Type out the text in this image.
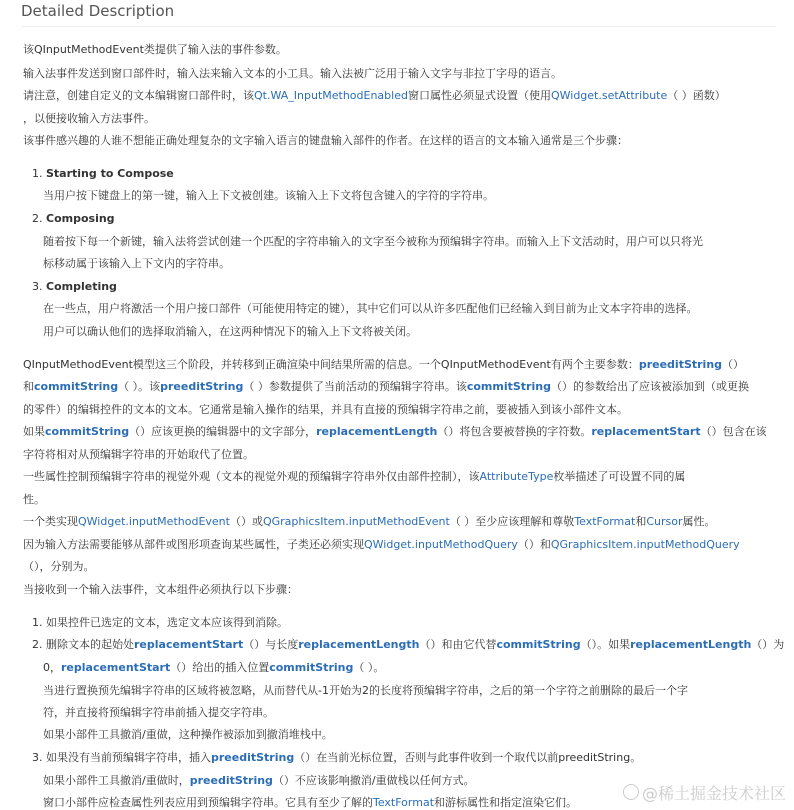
Detailed Description
该QInputMethodEvent类提供了输入法的事件参数。
输入法事件发送到窗口部件时，输入法来输入文本的小工具。输入法被广泛用于输入文字与非拉丁字母的语言。
请注意，创建自定义的文本编辑窗口部件时，该Qt.WA_InputMethodEnabled窗口属性必须显式设置（使用QWidget.setAttribute（ ）函数）
，以便接收输入方法事件。
该事件感兴趣的人谁不想能正确处理复杂的文字输入语言的键盘输入部件的作者。在这样的语言的文本输入通常是三个步骤：
1. Starting to Compose
当用户按下键盘上的第一键，输入上下文被创建。该输入上下文将包含键入的字符的字符串。
2. Composing
随着按下每一个新键，输入法将尝试创建一个匹配的字符串输入的文字至今被称为预编辑字符串。而输入上下文活动时，用户可以只将光
标移动属于该输入上下文内的字符串。
3. Completing
在一些点，用户将激活一个用户接口部件（可能使用特定的键），其中它们可以从许多匹配他们已经输入到目前为止文本字符串的选择。
用户可以确认他们的选择取消输入，在这两种情况下的输入上下文将被关闭。
QInputMethodEvent模型这三个阶段，并转移到正确渲染中间结果所需的信息。一个QInputMethodEvent有两个主要参数：preeditString（）
和commitString（ ）。该preeditString（ ）参数提供了当前活动的预编辑字符串。该commitString（）的参数给出了应该被添加到（或更换
的零件）的编辑控件的文本的文本。它通常是输入操作的结果，并具有直接的预编辑字符串之前，要被插入到该小部件文本。
如果commitString（）应该更换的编辑器中的文字部分，replacementLength（）将包含要被替换的字符数。replacementStart（）包含在该
字符将相对从预编辑字符串的开始取代了位置。
一些属性控制预编辑字符串的视觉外观（文本的视觉外观的预编辑字符串外仅由部件控制），该AttributeType枚举描述了可设置不同的属
性。
一个类实现QWidget.inputMethodEvent（）或QGraphicsItem.inputMethodEvent（ ）至少应该理解和尊敬TextFormat和Cursor属性。
因为输入方法需要能够从部件或图形项查询某些属性，子类还必须实现QWidget.inputMethodQuery（）和QGraphicsItem.inputMethodQuery
（），分别为。
当接收到一个输入法事件，文本组件必须执行以下步骤：
1. 如果控件已选定的文本，选定文本应该得到消除。
2. 删除文本的起始处replacementStart（）与长度replacementLength（）和由它代替commitString（）。如果replacementLength（）为
0，replacementStart（）给出的插入位置commitString（ ）。
当进行置换预先编辑字符串的区域将被忽略，从而替代从-1开始为2的长度将预编辑字符串，之后的第一个字符之前删除的最后一个字
符，并直接将预编辑字符串前插入提交字符串。
如果小部件工具撤消/重做，这种操作被添加到撤消堆栈中。
3. 如果没有当前预编辑字符串，插入preeditString（）在当前光标位置，否则与此事件收到一个取代以前preeditString。
如果小部件工具撤消/重做时，preeditString（）不应该影响撤消/重做栈以任何方式。
窗口小部件应检查属性列表应用到预编辑字符串。它具有至少了解的TextFormat和游标属性和指定渲染它们。	@稀土掘金技术社区
